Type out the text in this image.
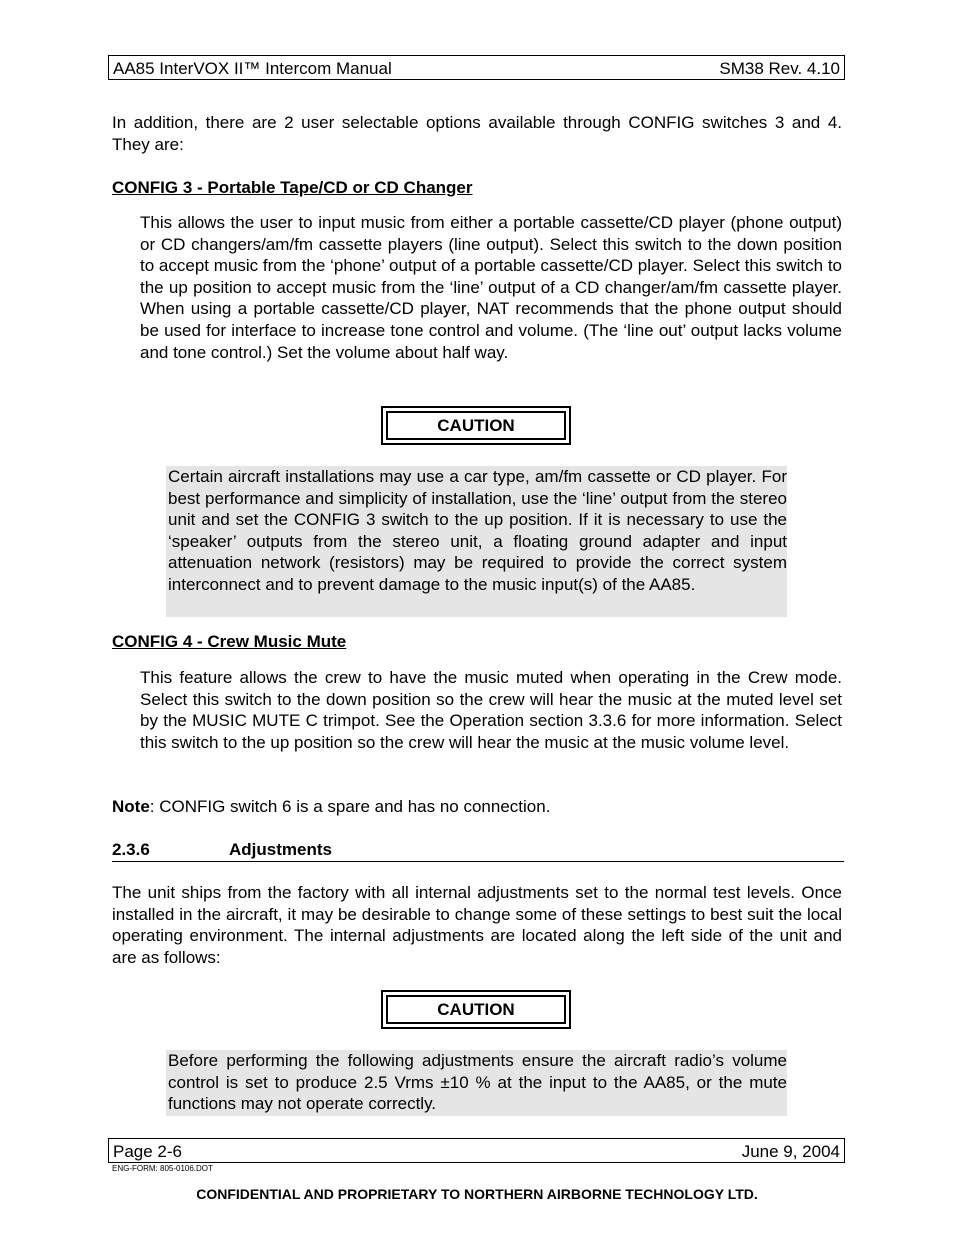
AA85 InterVOX II™ Intercom Manual	SM38 Rev. 4.10
In addition, there are 2 user selectable options available through CONFIG switches 3 and 4. They are:
CONFIG 3 - Portable Tape/CD or CD Changer
This allows the user to input music from either a portable cassette/CD player (phone output) or CD changers/am/fm cassette players (line output). Select this switch to the down position to accept music from the ‘phone’ output of a portable cassette/CD player. Select this switch to the up position to accept music from the ‘line’ output of a CD changer/am/fm cassette player. When using a portable cassette/CD player, NAT recommends that the phone output should be used for interface to increase tone control and volume. (The ‘line out’ output lacks volume and tone control.) Set the volume about half way.
CAUTION
Certain aircraft installations may use a car type, am/fm cassette or CD player. For best performance and simplicity of installation, use the ‘line’ output from the stereo unit and set the CONFIG 3 switch to the up position. If it is necessary to use the ‘speaker’ outputs from the stereo unit, a floating ground adapter and input attenuation network (resistors) may be required to provide the correct system interconnect and to prevent damage to the music input(s) of the AA85.
CONFIG 4 - Crew Music Mute
This feature allows the crew to have the music muted when operating in the Crew mode. Select this switch to the down position so the crew will hear the music at the muted level set by the MUSIC MUTE C trimpot. See the Operation section 3.3.6 for more information. Select this switch to the up position so the crew will hear the music at the music volume level.
Note: CONFIG switch 6 is a spare and has no connection.
2.3.6	Adjustments
The unit ships from the factory with all internal adjustments set to the normal test levels. Once installed in the aircraft, it may be desirable to change some of these settings to best suit the local operating environment. The internal adjustments are located along the left side of the unit and are as follows:
CAUTION
Before performing the following adjustments ensure the aircraft radio’s volume control is set to produce 2.5 Vrms ±10 % at the input to the AA85, or the mute functions may not operate correctly.
Page 2-6	June 9, 2004
ENG-FORM: 805-0106.DOT
CONFIDENTIAL AND PROPRIETARY TO NORTHERN AIRBORNE TECHNOLOGY LTD.
